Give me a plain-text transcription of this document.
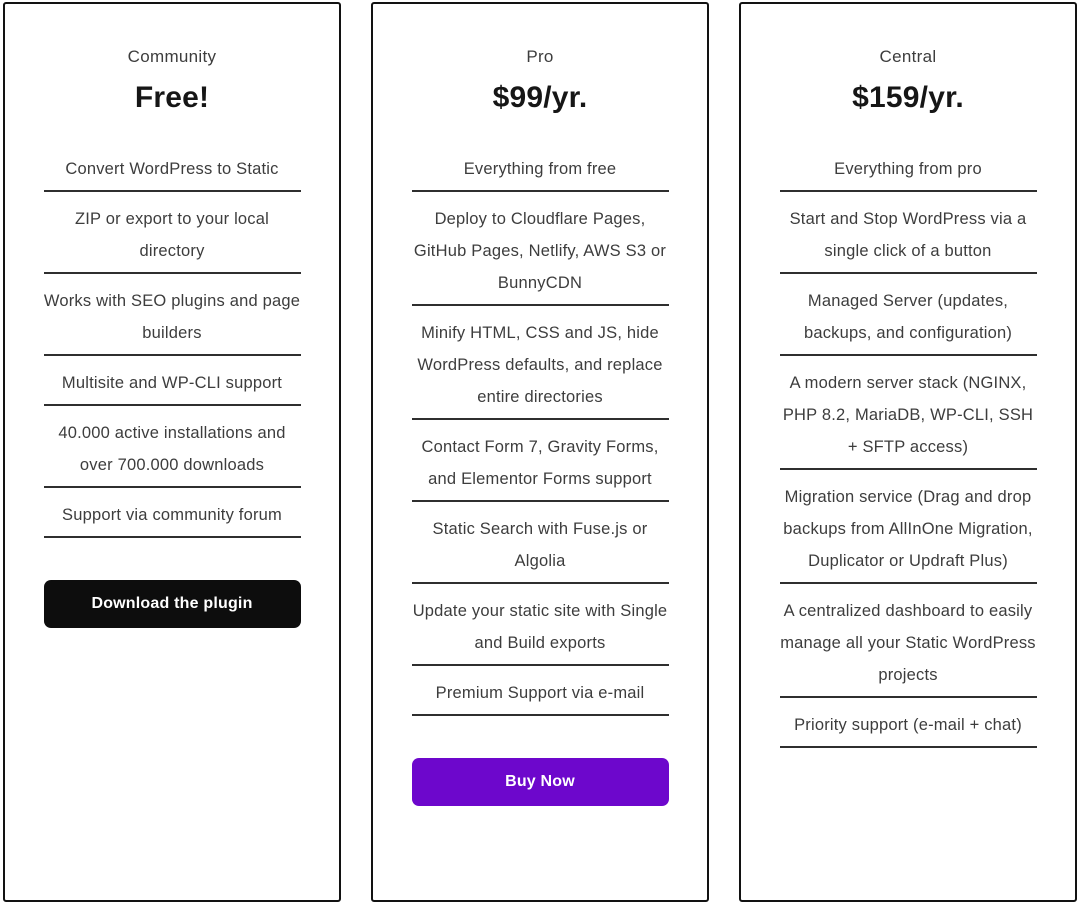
Community
Free!
Convert WordPress to Static
ZIP or export to your local directory
Works with SEO plugins and page builders
Multisite and WP-CLI support
40.000 active installations and over 700.000 downloads
Support via community forum
Download the plugin
Pro
$99/yr.
Everything from free
Deploy to Cloudflare Pages, GitHub Pages, Netlify, AWS S3 or BunnyCDN
Minify HTML, CSS and JS, hide WordPress defaults, and replace entire directories
Contact Form 7, Gravity Forms, and Elementor Forms support
Static Search with Fuse.js or Algolia
Update your static site with Single and Build exports
Premium Support via e-mail
Buy Now
Central
$159/yr.
Everything from pro
Start and Stop WordPress via a single click of a button
Managed Server (updates, backups, and configuration)
A modern server stack (NGINX, PHP 8.2, MariaDB, WP-CLI, SSH + SFTP access)
Migration service (Drag and drop backups from AllInOne Migration, Duplicator or Updraft Plus)
A centralized dashboard to easily manage all your Static WordPress projects
Priority support (e-mail + chat)
